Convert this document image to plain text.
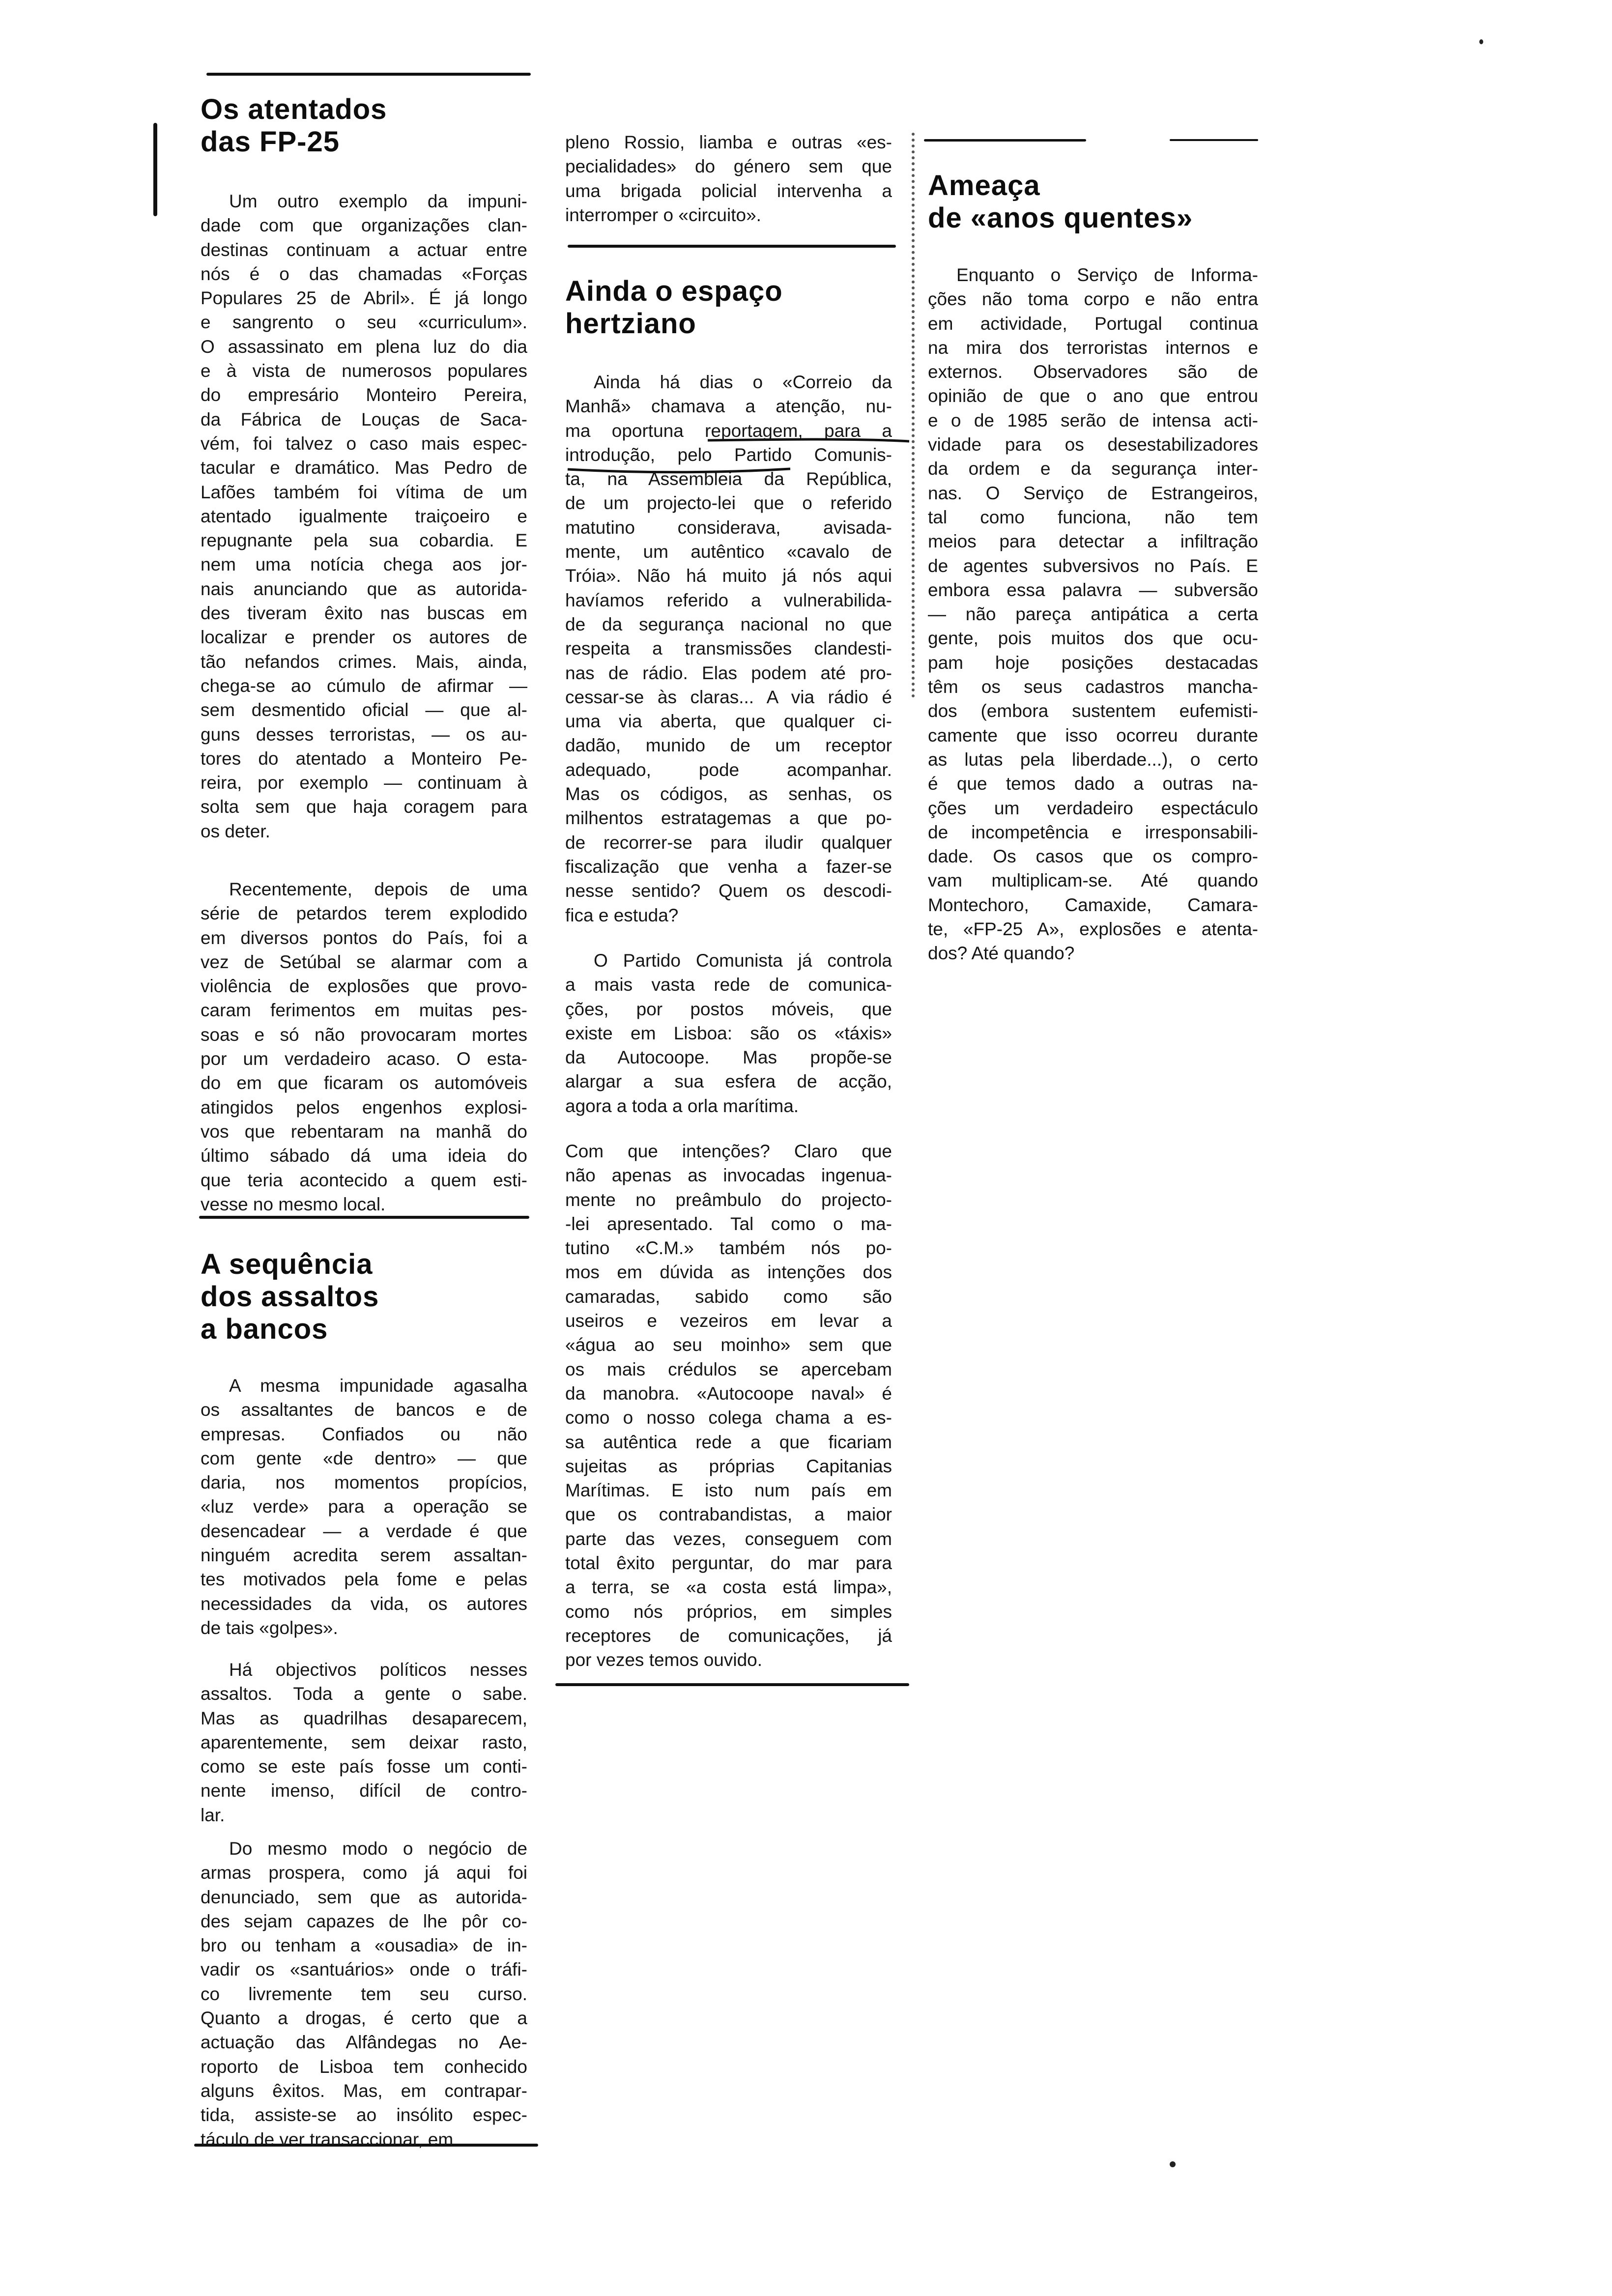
Os atentados
das FP-25
Um outro exemplo da impuni-
dade com que organizações clan-
destinas continuam a actuar entre
nós é o das chamadas «Forças
Populares 25 de Abril». É já longo
e sangrento o seu «curriculum».
O assassinato em plena luz do dia
e à vista de numerosos populares
do empresário Monteiro Pereira,
da Fábrica de Louças de Saca-
vém, foi talvez o caso mais espec-
tacular e dramático. Mas Pedro de
Lafões também foi vítima de um
atentado igualmente traiçoeiro e
repugnante pela sua cobardia. E
nem uma notícia chega aos jor-
nais anunciando que as autorida-
des tiveram êxito nas buscas em
localizar e prender os autores de
tão nefandos crimes. Mais, ainda,
chega-se ao cúmulo de afirmar —
sem desmentido oficial — que al-
guns desses terroristas, — os au-
tores do atentado a Monteiro Pe-
reira, por exemplo — continuam à
solta sem que haja coragem para
os deter.
Recentemente, depois de uma
série de petardos terem explodido
em diversos pontos do País, foi a
vez de Setúbal se alarmar com a
violência de explosões que provo-
caram ferimentos em muitas pes-
soas e só não provocaram mortes
por um verdadeiro acaso. O esta-
do em que ficaram os automóveis
atingidos pelos engenhos explosi-
vos que rebentaram na manhã do
último sábado dá uma ideia do
que teria acontecido a quem esti-
vesse no mesmo local.
A sequência
dos assaltos
a bancos
A mesma impunidade agasalha
os assaltantes de bancos e de
empresas. Confiados ou não
com gente «de dentro» — que
daria, nos momentos propícios,
«luz verde» para a operação se
desencadear — a verdade é que
ninguém acredita serem assaltan-
tes motivados pela fome e pelas
necessidades da vida, os autores
de tais «golpes».
Há objectivos políticos nesses
assaltos. Toda a gente o sabe.
Mas as quadrilhas desaparecem,
aparentemente, sem deixar rasto,
como se este país fosse um conti-
nente imenso, difícil de contro-
lar.
Do mesmo modo o negócio de
armas prospera, como já aqui foi
denunciado, sem que as autorida-
des sejam capazes de lhe pôr co-
bro ou tenham a «ousadia» de in-
vadir os «santuários» onde o tráfi-
co livremente tem seu curso.
Quanto a drogas, é certo que a
actuação das Alfândegas no Ae-
roporto de Lisboa tem conhecido
alguns êxitos. Mas, em contrapar-
tida, assiste-se ao insólito espec-
táculo de ver transaccionar, em
pleno Rossio, liamba e outras «es-
pecialidades» do género sem que
uma brigada policial intervenha a
interromper o «circuito».
Ainda o espaço
hertziano
Ainda há dias o «Correio da
Manhã» chamava a atenção, nu-
ma oportuna reportagem, para a
introdução, pelo Partido Comunis-
ta, na Assembleia da República,
de um projecto-lei que o referido
matutino considerava, avisada-
mente, um autêntico «cavalo de
Tróia». Não há muito já nós aqui
havíamos referido a vulnerabilida-
de da segurança nacional no que
respeita a transmissões clandesti-
nas de rádio. Elas podem até pro-
cessar-se às claras... A via rádio é
uma via aberta, que qualquer ci-
dadão, munido de um receptor
adequado, pode acompanhar.
Mas os códigos, as senhas, os
milhentos estratagemas a que po-
de recorrer-se para iludir qualquer
fiscalização que venha a fazer-se
nesse sentido? Quem os descodi-
fica e estuda?
O Partido Comunista já controla
a mais vasta rede de comunica-
ções, por postos móveis, que
existe em Lisboa: são os «táxis»
da Autocoope. Mas propõe-se
alargar a sua esfera de acção,
agora a toda a orla marítima.
Com que intenções? Claro que
não apenas as invocadas ingenua-
mente no preâmbulo do projecto-
-lei apresentado. Tal como o ma-
tutino «C.M.» também nós po-
mos em dúvida as intenções dos
camaradas, sabido como são
useiros e vezeiros em levar a
«água ao seu moinho» sem que
os mais crédulos se apercebam
da manobra. «Autocoope naval» é
como o nosso colega chama a es-
sa autêntica rede a que ficariam
sujeitas as próprias Capitanias
Marítimas. E isto num país em
que os contrabandistas, a maior
parte das vezes, conseguem com
total êxito perguntar, do mar para
a terra, se «a costa está limpa»,
como nós próprios, em simples
receptores de comunicações, já
por vezes temos ouvido.
Ameaça
de «anos quentes»
Enquanto o Serviço de Informa-
ções não toma corpo e não entra
em actividade, Portugal continua
na mira dos terroristas internos e
externos. Observadores são de
opinião de que o ano que entrou
e o de 1985 serão de intensa acti-
vidade para os desestabilizadores
da ordem e da segurança inter-
nas. O Serviço de Estrangeiros,
tal como funciona, não tem
meios para detectar a infiltração
de agentes subversivos no País. E
embora essa palavra — subversão
— não pareça antipática a certa
gente, pois muitos dos que ocu-
pam hoje posições destacadas
têm os seus cadastros mancha-
dos (embora sustentem eufemisti-
camente que isso ocorreu durante
as lutas pela liberdade...), o certo
é que temos dado a outras na-
ções um verdadeiro espectáculo
de incompetência e irresponsabili-
dade. Os casos que os compro-
vam multiplicam-se. Até quando
Montechoro, Camaxide, Camara-
te, «FP-25 A», explosões e atenta-
dos? Até quando?
